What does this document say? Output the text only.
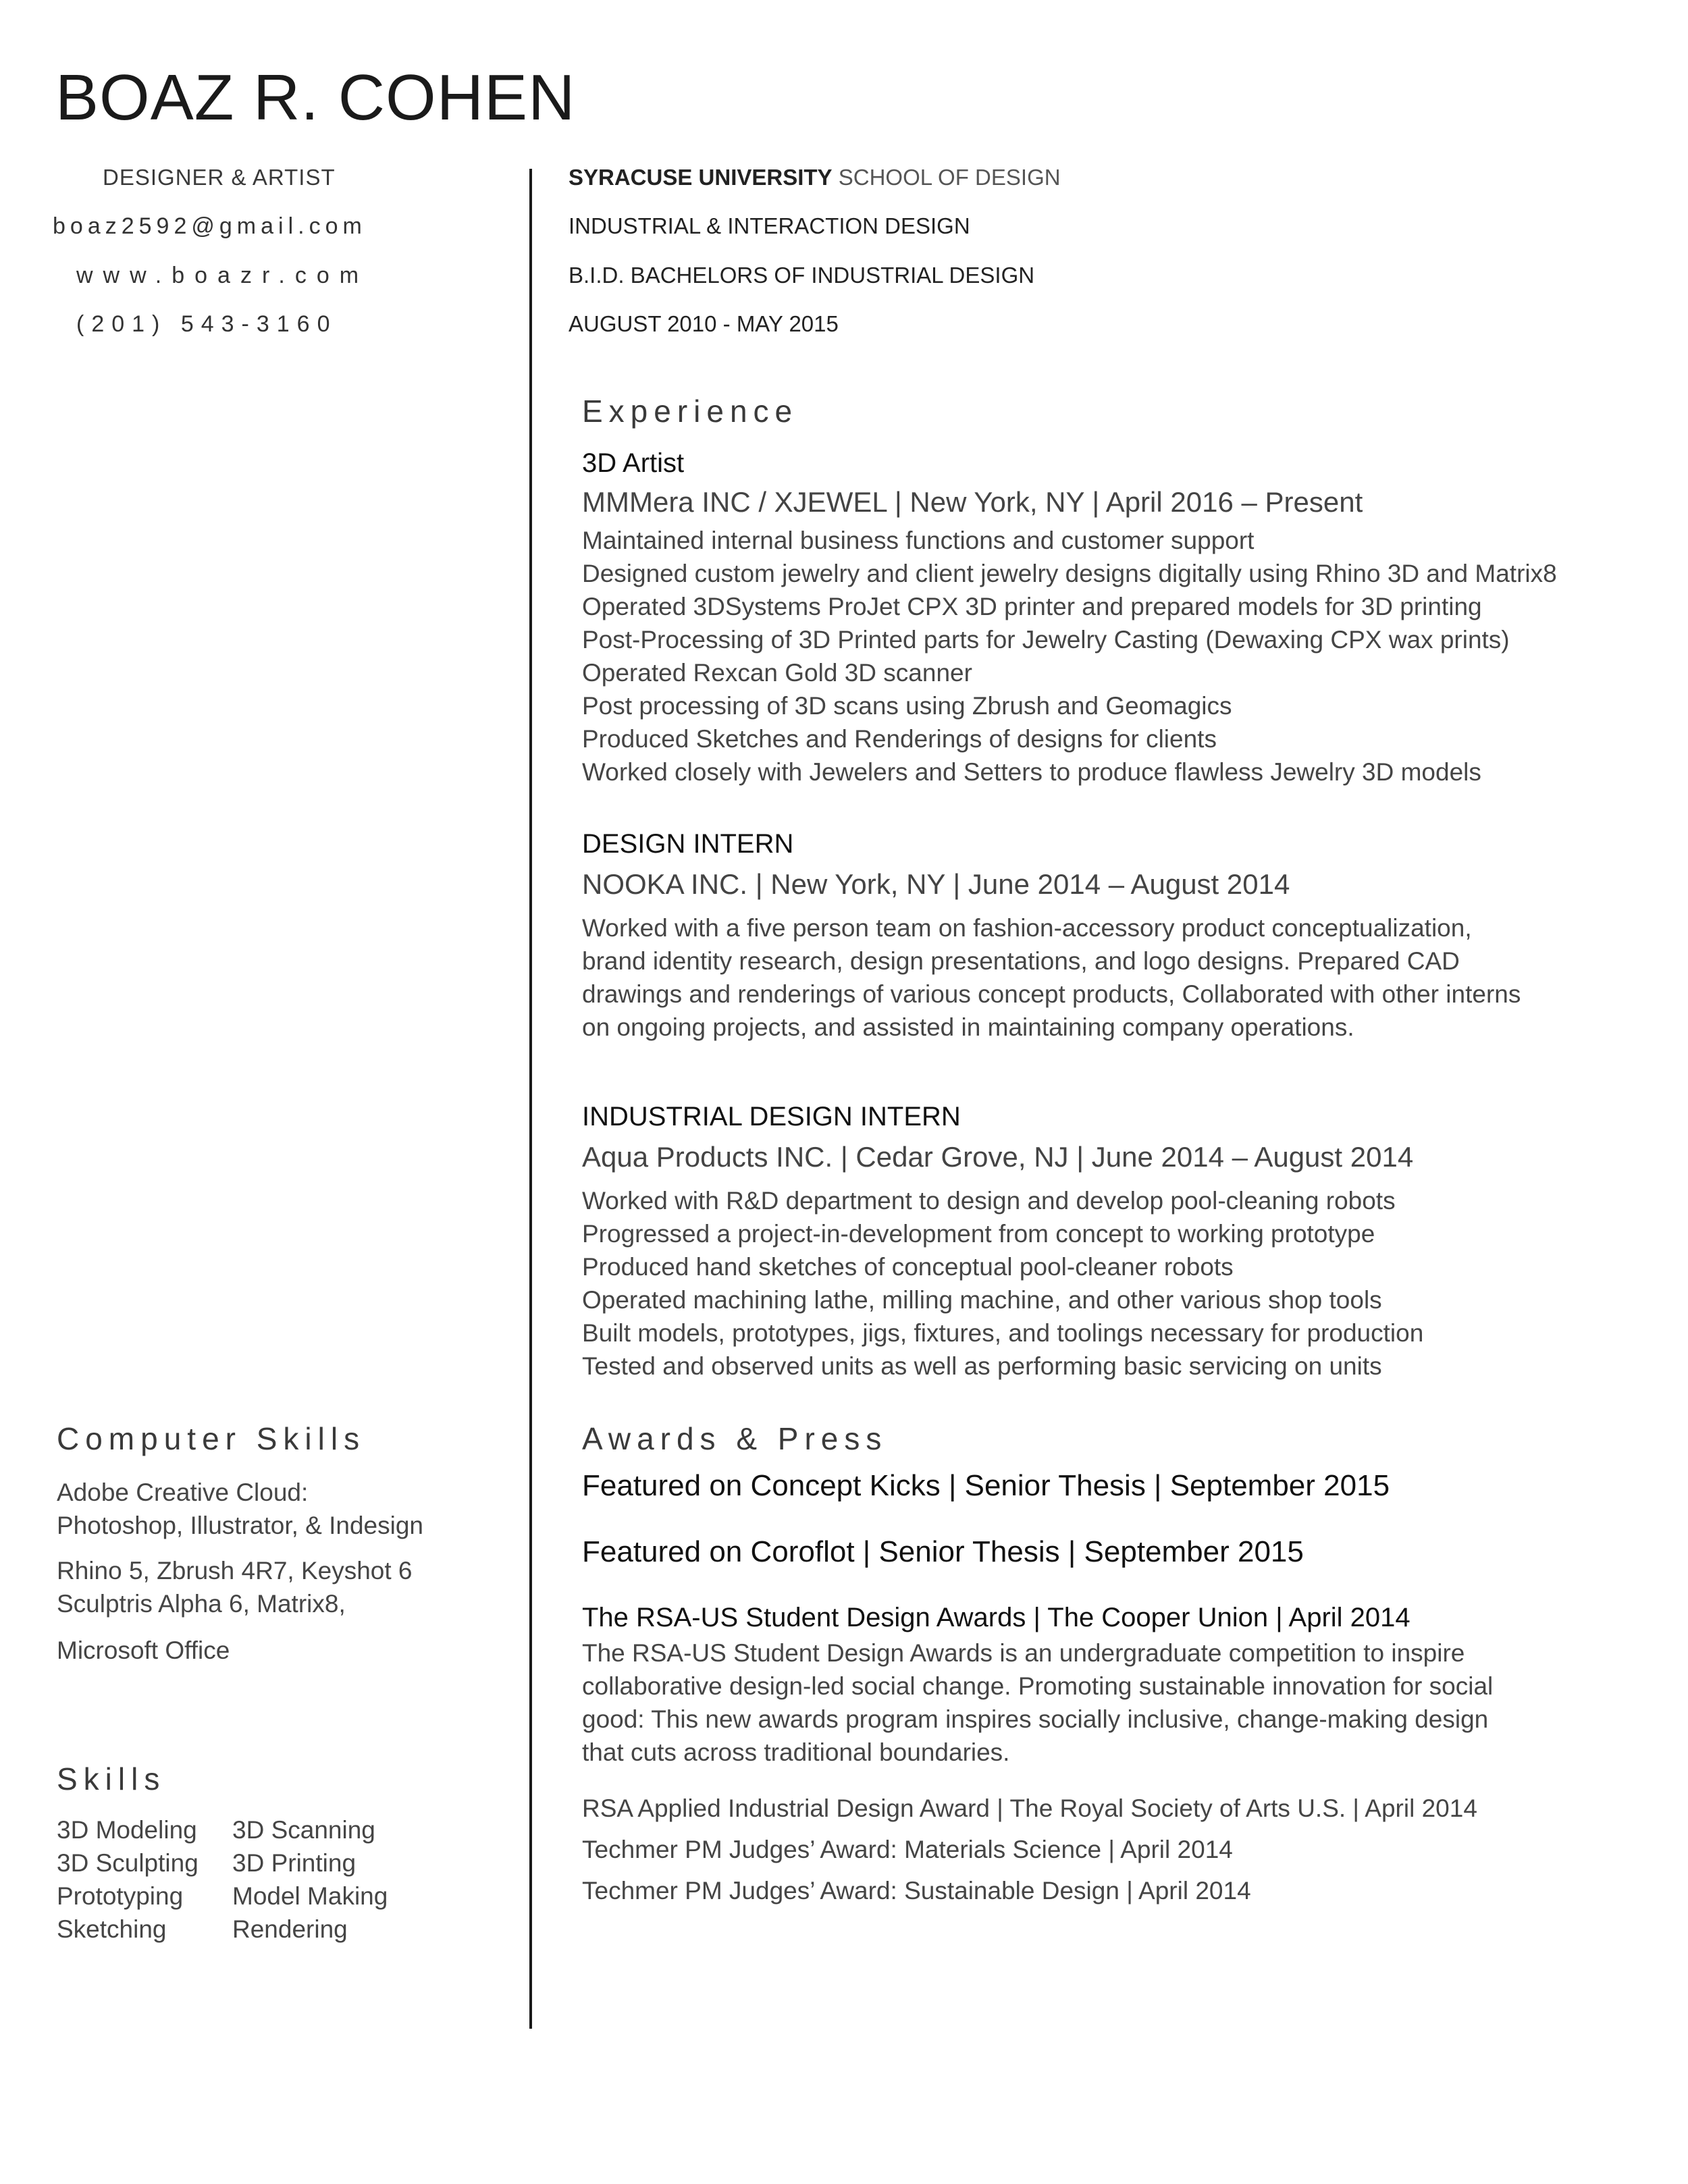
BOAZ R. COHEN
DESIGNER & ARTIST
boaz2592@gmail.com
www.boazr.com
(201) 543-3160
SYRACUSE UNIVERSITY SCHOOL OF DESIGN
INDUSTRIAL & INTERACTION DESIGN
B.I.D. BACHELORS OF INDUSTRIAL DESIGN
AUGUST 2010 - MAY 2015
Experience
3D Artist
MMMera INC / XJEWEL | New York, NY | April 2016 – Present
Maintained internal business functions and customer support
Designed custom jewelry and client jewelry designs digitally using Rhino 3D and Matrix8
Operated 3DSystems ProJet CPX 3D printer and prepared models for 3D printing
Post-Processing of 3D Printed parts for Jewelry Casting (Dewaxing CPX wax prints)
Operated Rexcan Gold 3D scanner
Post processing of 3D scans using Zbrush and Geomagics
Produced Sketches and Renderings of designs for clients
Worked closely with Jewelers and Setters to produce flawless Jewelry 3D models
DESIGN INTERN
NOOKA INC. | New York, NY | June 2014 – August 2014
Worked with a five person team on fashion-accessory product conceptualization,
brand identity research, design presentations, and logo designs. Prepared CAD
drawings and renderings of various concept products, Collaborated with other interns
on ongoing projects, and assisted in maintaining company operations.
INDUSTRIAL DESIGN INTERN
Aqua Products INC. | Cedar Grove, NJ | June 2014 – August 2014
Worked with R&D department to design and develop pool-cleaning robots
Progressed a project-in-development from concept to working prototype
Produced hand sketches of conceptual pool-cleaner robots
Operated machining lathe, milling machine, and other various shop tools
Built models, prototypes, jigs, fixtures, and toolings necessary for production
Tested and observed units as well as performing basic servicing on units
Awards & Press
Featured on Concept Kicks | Senior Thesis | September 2015
Featured on Coroflot | Senior Thesis | September 2015
The RSA-US Student Design Awards | The Cooper Union | April 2014
The RSA-US Student Design Awards is an undergraduate competition to inspire
collaborative design-led social change. Promoting sustainable innovation for social
good: This new awards program inspires socially inclusive, change-making design
that cuts across traditional boundaries.
RSA Applied Industrial Design Award | The Royal Society of Arts U.S. | April 2014
Techmer PM Judges’ Award: Materials Science | April 2014
Techmer PM Judges’ Award: Sustainable Design | April 2014
Computer Skills
Adobe Creative Cloud:
Photoshop, Illustrator, & Indesign
Rhino 5, Zbrush 4R7, Keyshot 6
Sculptris Alpha 6, Matrix8,
Microsoft Office
Skills
3D Modeling	3D Scanning
3D Sculpting	3D Printing
Prototyping	Model Making
Sketching	Rendering
